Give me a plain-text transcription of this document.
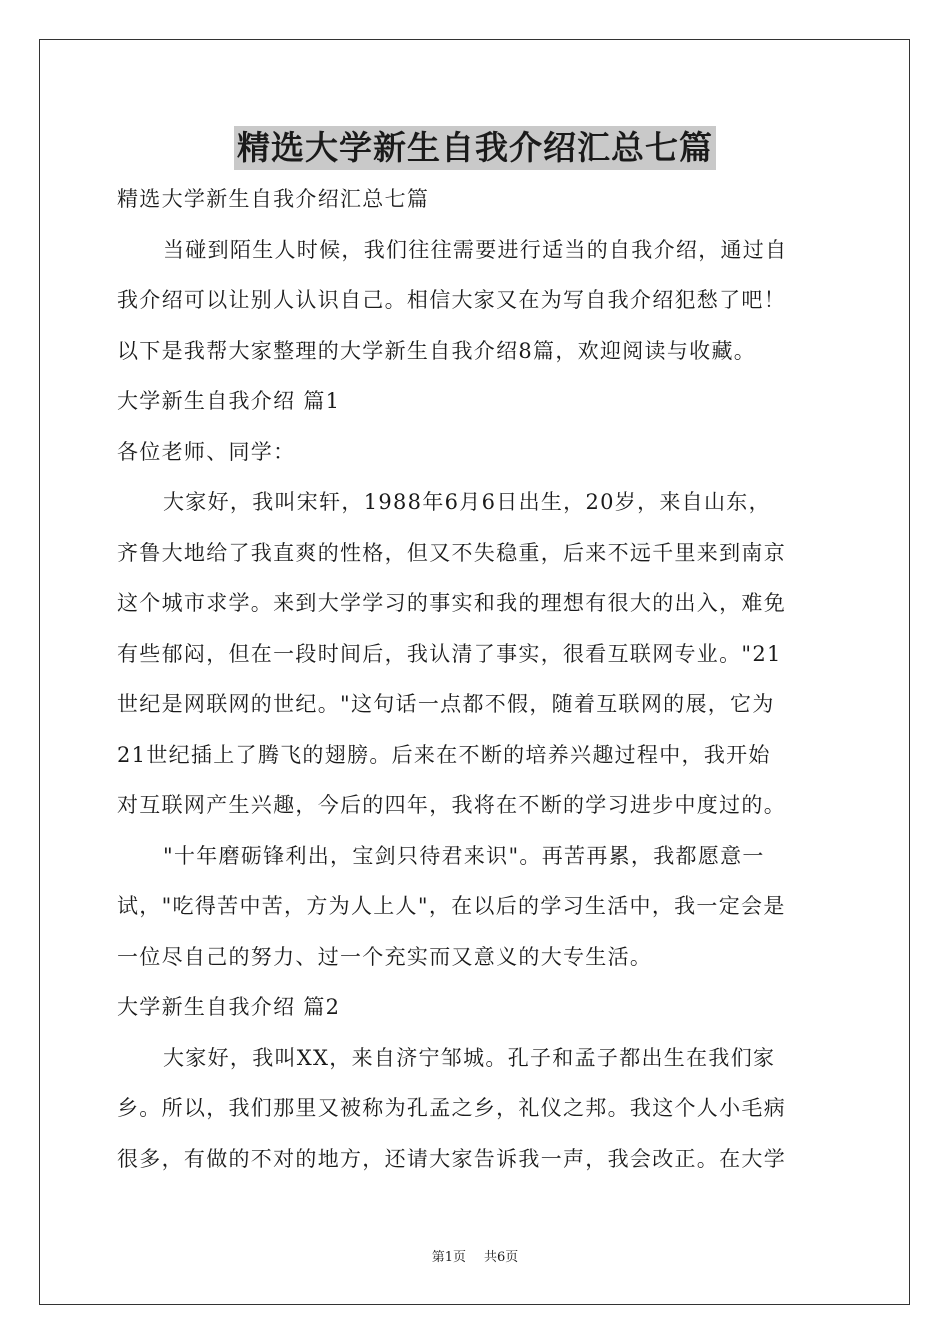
精选大学新生自我介绍汇总七篇
精选大学新生自我介绍汇总七篇
当碰到陌生人时候，我们往往需要进行适当的自我介绍，通过自
我介绍可以让别人认识自己。相信大家又在为写自我介绍犯愁了吧！
以下是我帮大家整理的大学新生自我介绍8篇，欢迎阅读与收藏。
大学新生自我介绍 篇1
各位老师、同学：
大家好，我叫宋轩，1988年6月6日出生，20岁，来自山东，
齐鲁大地给了我直爽的性格，但又不失稳重，后来不远千里来到南京
这个城市求学。来到大学学习的事实和我的理想有很大的出入，难免
有些郁闷，但在一段时间后，我认清了事实，很看互联网专业。"21
世纪是网联网的世纪。"这句话一点都不假，随着互联网的展，它为
21世纪插上了腾飞的翅膀。后来在不断的培养兴趣过程中，我开始
对互联网产生兴趣，今后的四年，我将在不断的学习进步中度过的。
"十年磨砺锋利出，宝剑只待君来识"。再苦再累，我都愿意一
试，"吃得苦中苦，方为人上人"，在以后的学习生活中，我一定会是
一位尽自己的努力、过一个充实而又意义的大专生活。
大学新生自我介绍 篇2
大家好，我叫XX，来自济宁邹城。孔子和孟子都出生在我们家
乡。所以，我们那里又被称为孔孟之乡，礼仪之邦。我这个人小毛病
很多，有做的不对的地方，还请大家告诉我一声，我会改正。在大学
第1页 共6页
